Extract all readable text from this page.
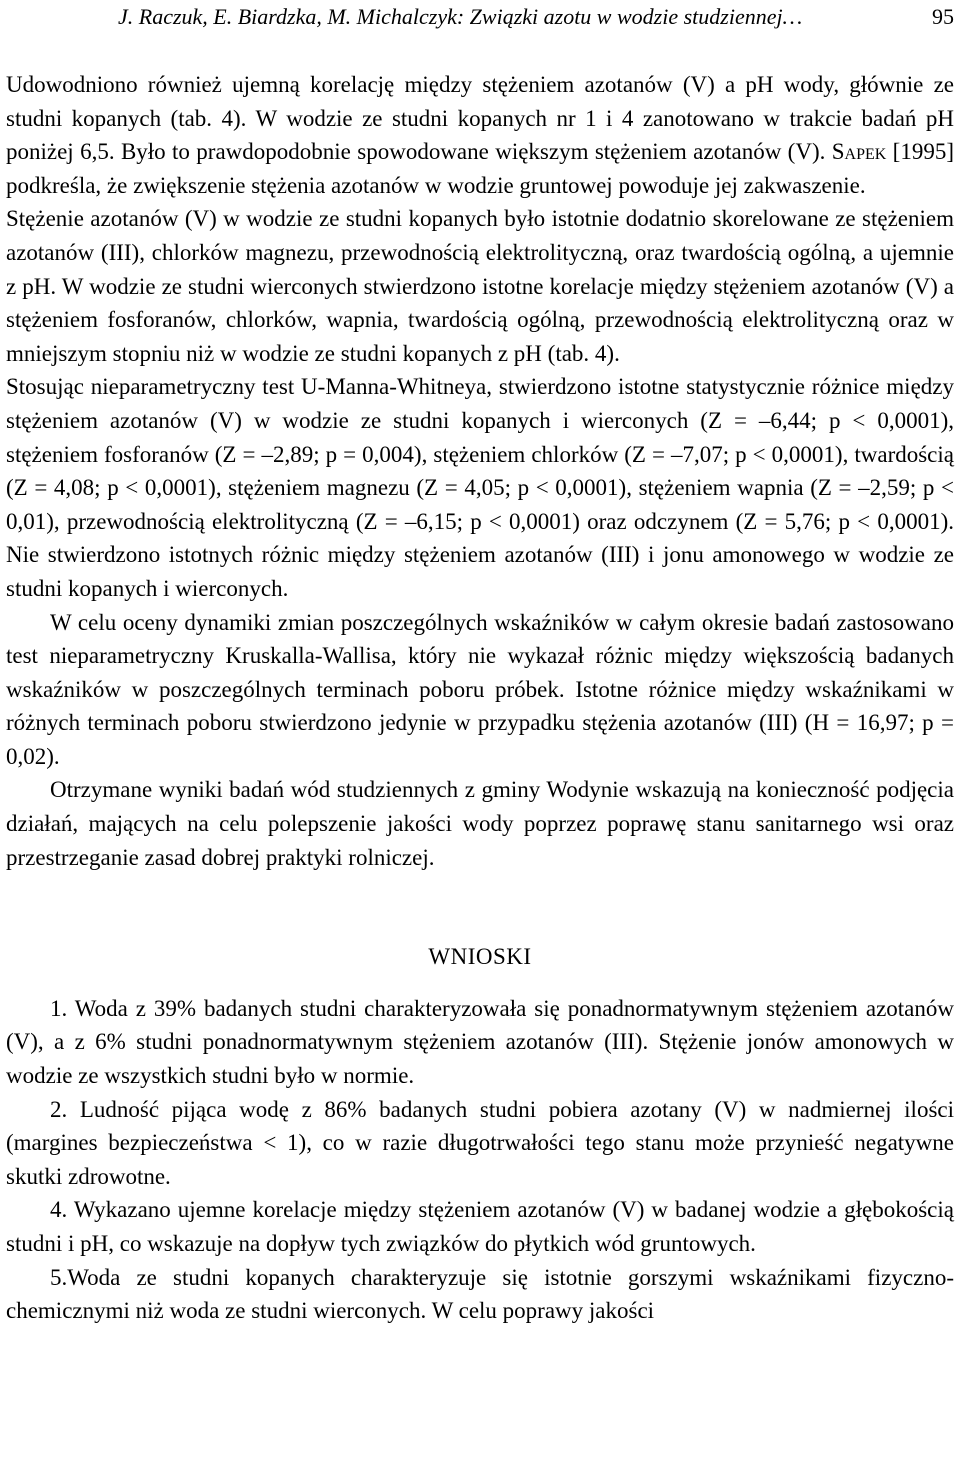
J. Raczuk, E. Biardzka, M. Michalczyk: Związki azotu w wodzie studziennej…	95

Udowodniono również ujemną korelację między stężeniem azotanów (V) a pH wody, głównie ze studni kopanych (tab. 4). W wodzie ze studni kopanych nr 1 i 4 zanotowano w trakcie badań pH poniżej 6,5. Było to prawdopodobnie spowodowane większym stężeniem azotanów (V). Sapek [1995] podkreśla, że zwiększenie stężenia azotanów w wodzie gruntowej powoduje jej zakwaszenie.

Stężenie azotanów (V) w wodzie ze studni kopanych było istotnie dodatnio skorelowane ze stężeniem azotanów (III), chlorków magnezu, przewodnością elektrolityczną, oraz twardością ogólną, a ujemnie z pH. W wodzie ze studni wierconych stwierdzono istotne korelacje między stężeniem azotanów (V) a stężeniem fosforanów, chlorków, wapnia, twardością ogólną, przewodnością elektrolityczną oraz w mniejszym stopniu niż w wodzie ze studni kopanych z pH (tab. 4).

Stosując nieparametryczny test U-Manna-Whitneya, stwierdzono istotne statystycznie różnice między stężeniem azotanów (V) w wodzie ze studni kopanych i wierconych (Z = –6,44; p < 0,0001), stężeniem fosforanów (Z = –2,89; p = 0,004), stężeniem chlorków (Z = –7,07; p < 0,0001), twardością (Z = 4,08; p < 0,0001), stężeniem magnezu (Z = 4,05; p < 0,0001), stężeniem wapnia (Z = –2,59; p < 0,01), przewodnością elektrolityczną (Z = –6,15; p < 0,0001) oraz odczynem (Z = 5,76; p < 0,0001). Nie stwierdzono istotnych różnic między stężeniem azotanów (III) i jonu amonowego w wodzie ze studni kopanych i wierconych.

W celu oceny dynamiki zmian poszczególnych wskaźników w całym okresie badań zastosowano test nieparametryczny Kruskalla-Wallisa, który nie wykazał różnic między większością badanych wskaźników w poszczególnych terminach poboru próbek. Istotne różnice między wskaźnikami w różnych terminach poboru stwierdzono jedynie w przypadku stężenia azotanów (III) (H = 16,97; p = 0,02).

Otrzymane wyniki badań wód studziennych z gminy Wodynie wskazują na konieczność podjęcia działań, mających na celu polepszenie jakości wody poprzez poprawę stanu sanitarnego wsi oraz przestrzeganie zasad dobrej praktyki rolniczej.

WNIOSKI

1. Woda z 39% badanych studni charakteryzowała się ponadnormatywnym stężeniem azotanów (V), a z 6% studni ponadnormatywnym stężeniem azotanów (III). Stężenie jonów amonowych w wodzie ze wszystkich studni było w normie.

2. Ludność pijąca wodę z 86% badanych studni pobiera azotany (V) w nadmiernej ilości (margines bezpieczeństwa < 1), co w razie długotrwałości tego stanu może przynieść negatywne skutki zdrowotne.

4. Wykazano ujemne korelacje między stężeniem azotanów (V) w badanej wodzie a głębokością studni i pH, co wskazuje na dopływ tych związków do płytkich wód gruntowych.

5.Woda ze studni kopanych charakteryzuje się istotnie gorszymi wskaźnikami fizyczno-chemicznymi niż woda ze studni wierconych. W celu poprawy jakości
